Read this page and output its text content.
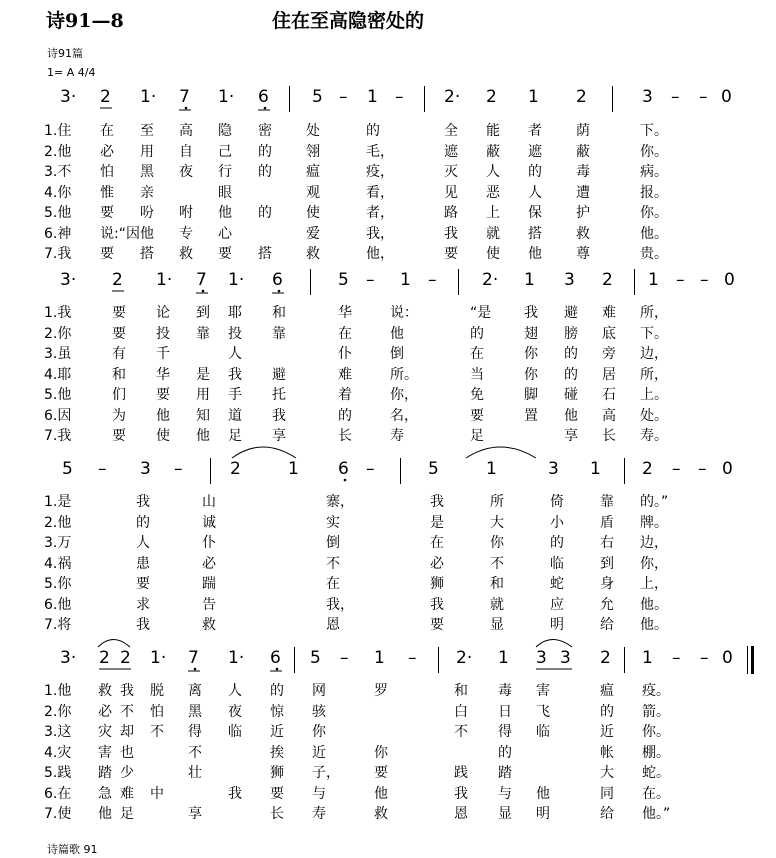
诗91—8	住在至高隐密处的
诗91篇
1= A 4/4
诗篇歌 91
3· 2 1· 7 1· 6	5 – 1 – 2· 2 1 2	3 – – 0
3· 2 1· 7 1· 6	5 – 1 –	2· 1 3 2 1 – – 0
5 – 3 –	2	1 6 –	5	1	3 1 2 – – 0
3· 2 2 1· 7 1· 6 5 – 1 – 2· 1 3 3 2 1 – – 0
1.住 在 至 高 隐 密 处	的	全 能 者 荫	下。
2.他 必 用 自 己 的 翎	毛，	遮 蔽 遮 蔽	你。
3.不 怕 黑 夜 行 的 瘟	疫，	灭 人 的 毒	病。
4.你 惟 亲	眼	观	看，	见 恶 人 遭	报。
5.他 要 吩 咐 他 的 使	者，	路 上 保 护	你。
6.神 说:“因 他 专 心	爱	我，	我 就 搭 救	他。
7.我 要 搭 救 要 搭 救	他，	要 使 他 尊	贵。
1.我	要 论 到 耶 和	华	说：	“是 我 避 难 所，
2.你	要 投 靠 投 靠	在	他	的	翅 膀 底 下。
3.虽	有 千	人	仆	倒	在	你 的 旁 边，
4.耶	和 华 是 我 避	难	所。	当	你 的 居 所，
5.他	们 要 用 手 托	着	你，	免	脚 碰 石 上。
6.因	为 他 知 道 我	的	名，	要	置 他 高 处。
7.我	要 使 他 足 享	长	寿	足	享 长 寿。
1.是	我	山	寨，	我	所	倚	靠 的。”
2.他	的	诚	实	是	大	小	盾 牌。
3.万	人	仆	倒	在	你	的	右 边，
4.祸	患	必	不	必	不	临	到 你，
5.你	要	踹	在	狮	和	蛇	身 上，
6.他	求	告	我，	我	就	应	允 他。
7.将	我	救	恩	要	显	明	给 他。
1.他 救 我 脱 离 人 的 网	罗	和 毒 害	瘟 疫。
2.你 必 不 怕 黑 夜 惊 骇	白 日 飞	的 箭。
3.这 灾 却 不 得 临 近 你	不 得 临	近 你。
4.灾 害 也	不	挨 近	你	的	帐 棚。
5.践 踏 少	壮	狮 子， 要	践 踏	大 蛇。
6.在 急 难 中	我 要 与	他	我 与 他	同 在。
7.使 他 足	享	长 寿	救	恩 显 明	给 他。”
